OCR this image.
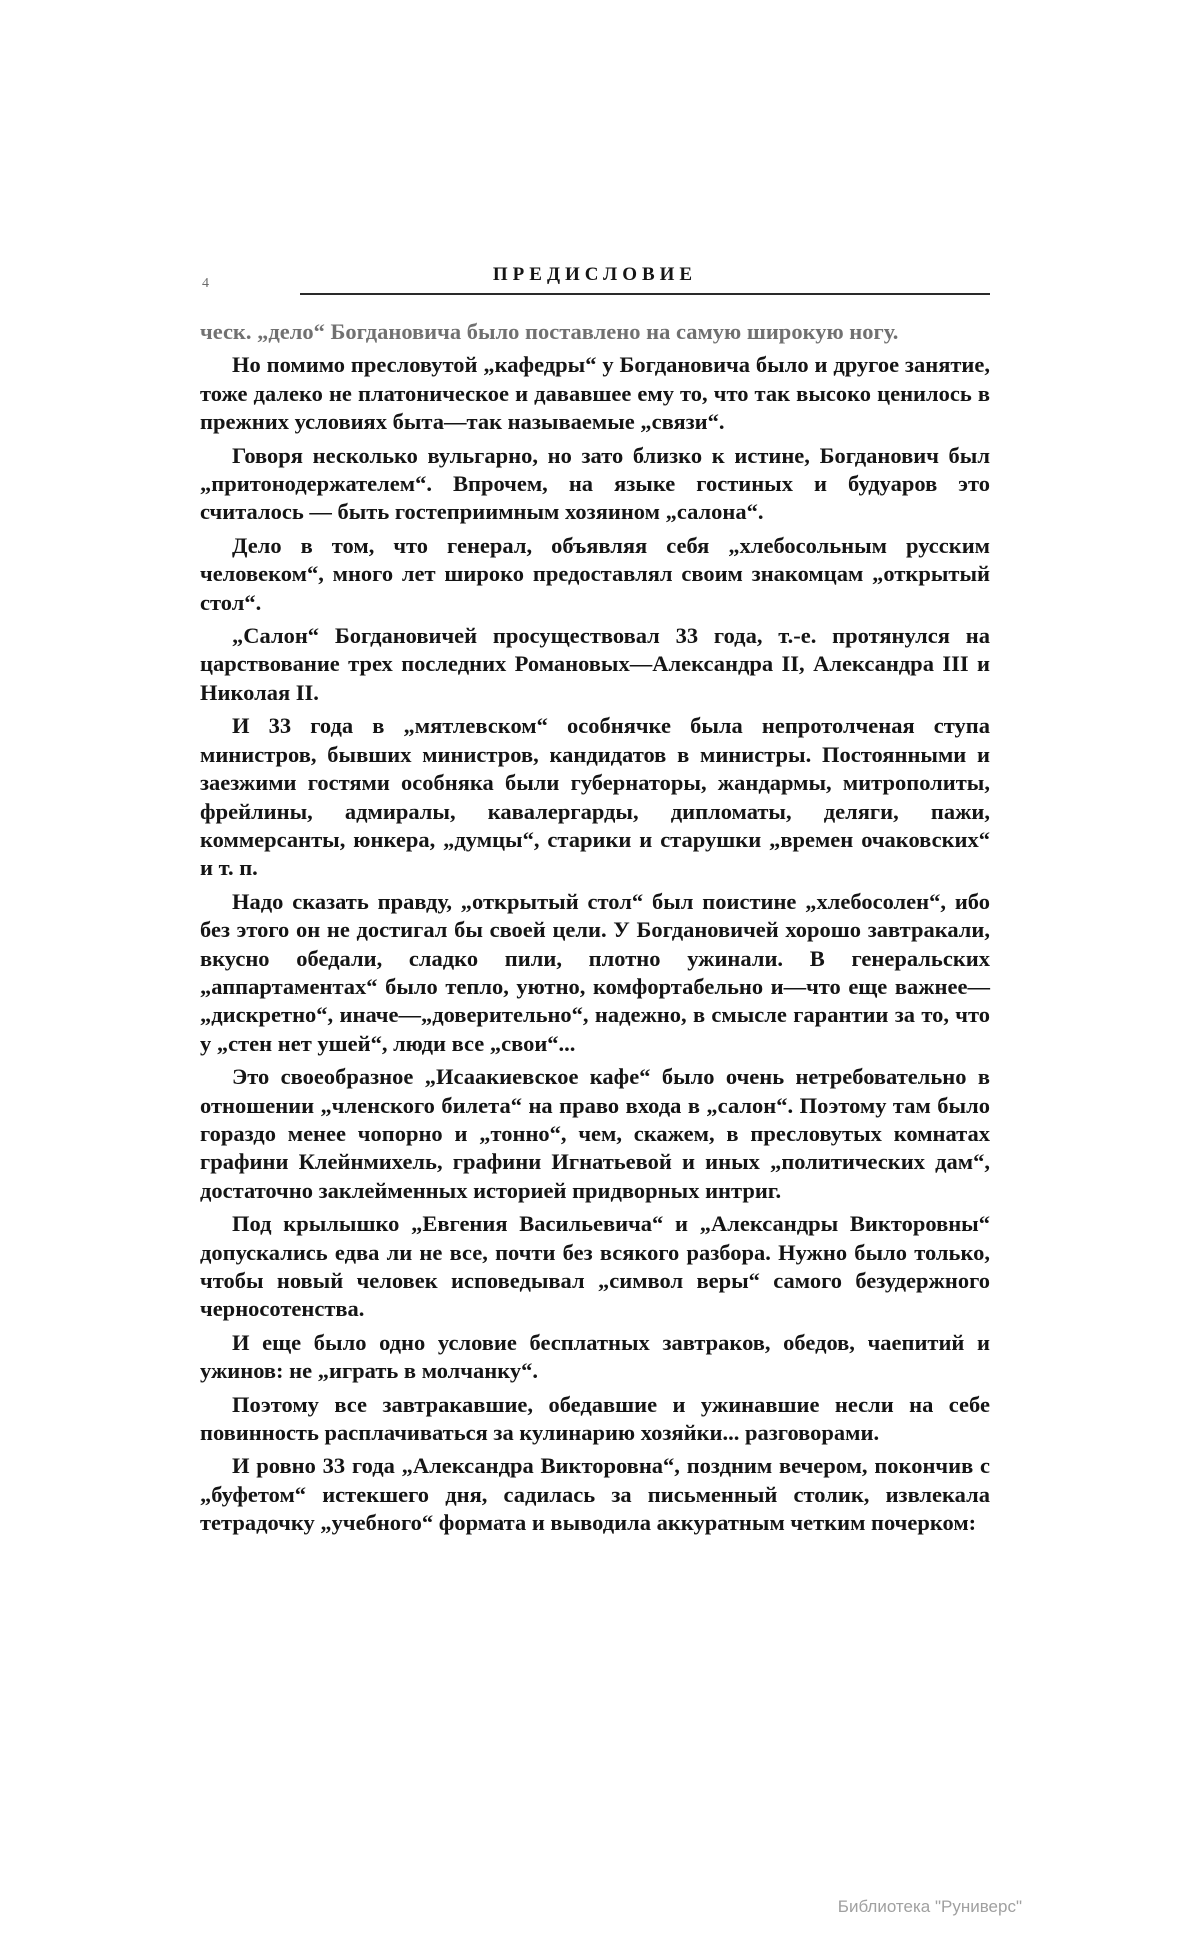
4	ПРЕДИСЛОВИЕ

ческ. „дело“ Богдановича было поставлено на самую широкую ногу.

Но помимо пресловутой „кафедры“ у Богдановича было и другое занятие, тоже далеко не платоническое и дававшее ему то, что так высоко ценилось в прежних условиях быта—так называемые „связи“.

Говоря несколько вульгарно, но зато близко к истине, Богданович был „притонодержателем“. Впрочем, на языке гостиных и будуаров это считалось — быть гостеприимным хозяином „салона“.

Дело в том, что генерал, объявляя себя „хлебосольным русским человеком“, много лет широко предоставлял своим знакомцам „открытый стол“.

„Салон“ Богдановичей просуществовал 33 года, т.-е. протянулся на царствование трех последних Романовых—Александра II, Александра III и Николая II.

И 33 года в „мятлевском“ особнячке была непротолченая ступа министров, бывших министров, кандидатов в министры. Постоянными и заезжими гостями особняка были губернаторы, жандармы, митрополиты, фрейлины, адмиралы, кавалергарды, дипломаты, деляги, пажи, коммерсанты, юнкера, „думцы“, старики и старушки „времен очаковских“ и т. п.

Надо сказать правду, „открытый стол“ был поистине „хлебосолен“, ибо без этого он не достигал бы своей цели. У Богдановичей хорошо завтракали, вкусно обедали, сладко пили, плотно ужинали. В генеральских „аппартаментах“ было тепло, уютно, комфортабельно и—что еще важнее—„дискретно“, иначе—„доверительно“, надежно, в смысле гарантии за то, что у „стен нет ушей“, люди все „свои“...

Это своеобразное „Исаакиевское кафе“ было очень нетребовательно в отношении „членского билета“ на право входа в „салон“. Поэтому там было гораздо менее чопорно и „тонно“, чем, скажем, в пресловутых комнатах графини Клейнмихель, графини Игнатьевой и иных „политических дам“, достаточно заклейменных историей придворных интриг.

Под крылышко „Евгения Васильевича“ и „Александры Викторовны“ допускались едва ли не все, почти без всякого разбора. Нужно было только, чтобы новый человек исповедывал „символ веры“ самого безудержного черносотенства.

И еще было одно условие бесплатных завтраков, обедов, чаепитий и ужинов: не „играть в молчанку“.

Поэтому все завтракавшие, обедавшие и ужинавшие несли на себе повинность расплачиваться за кулинарию хозяйки... разговорами.

И ровно 33 года „Александра Викторовна“, поздним вечером, покончив с „буфетом“ истекшего дня, садилась за письменный столик, извлекала тетрадочку „учебного“ формата и выводила аккуратным четким почерком:

Библиотека "Руниверс"
